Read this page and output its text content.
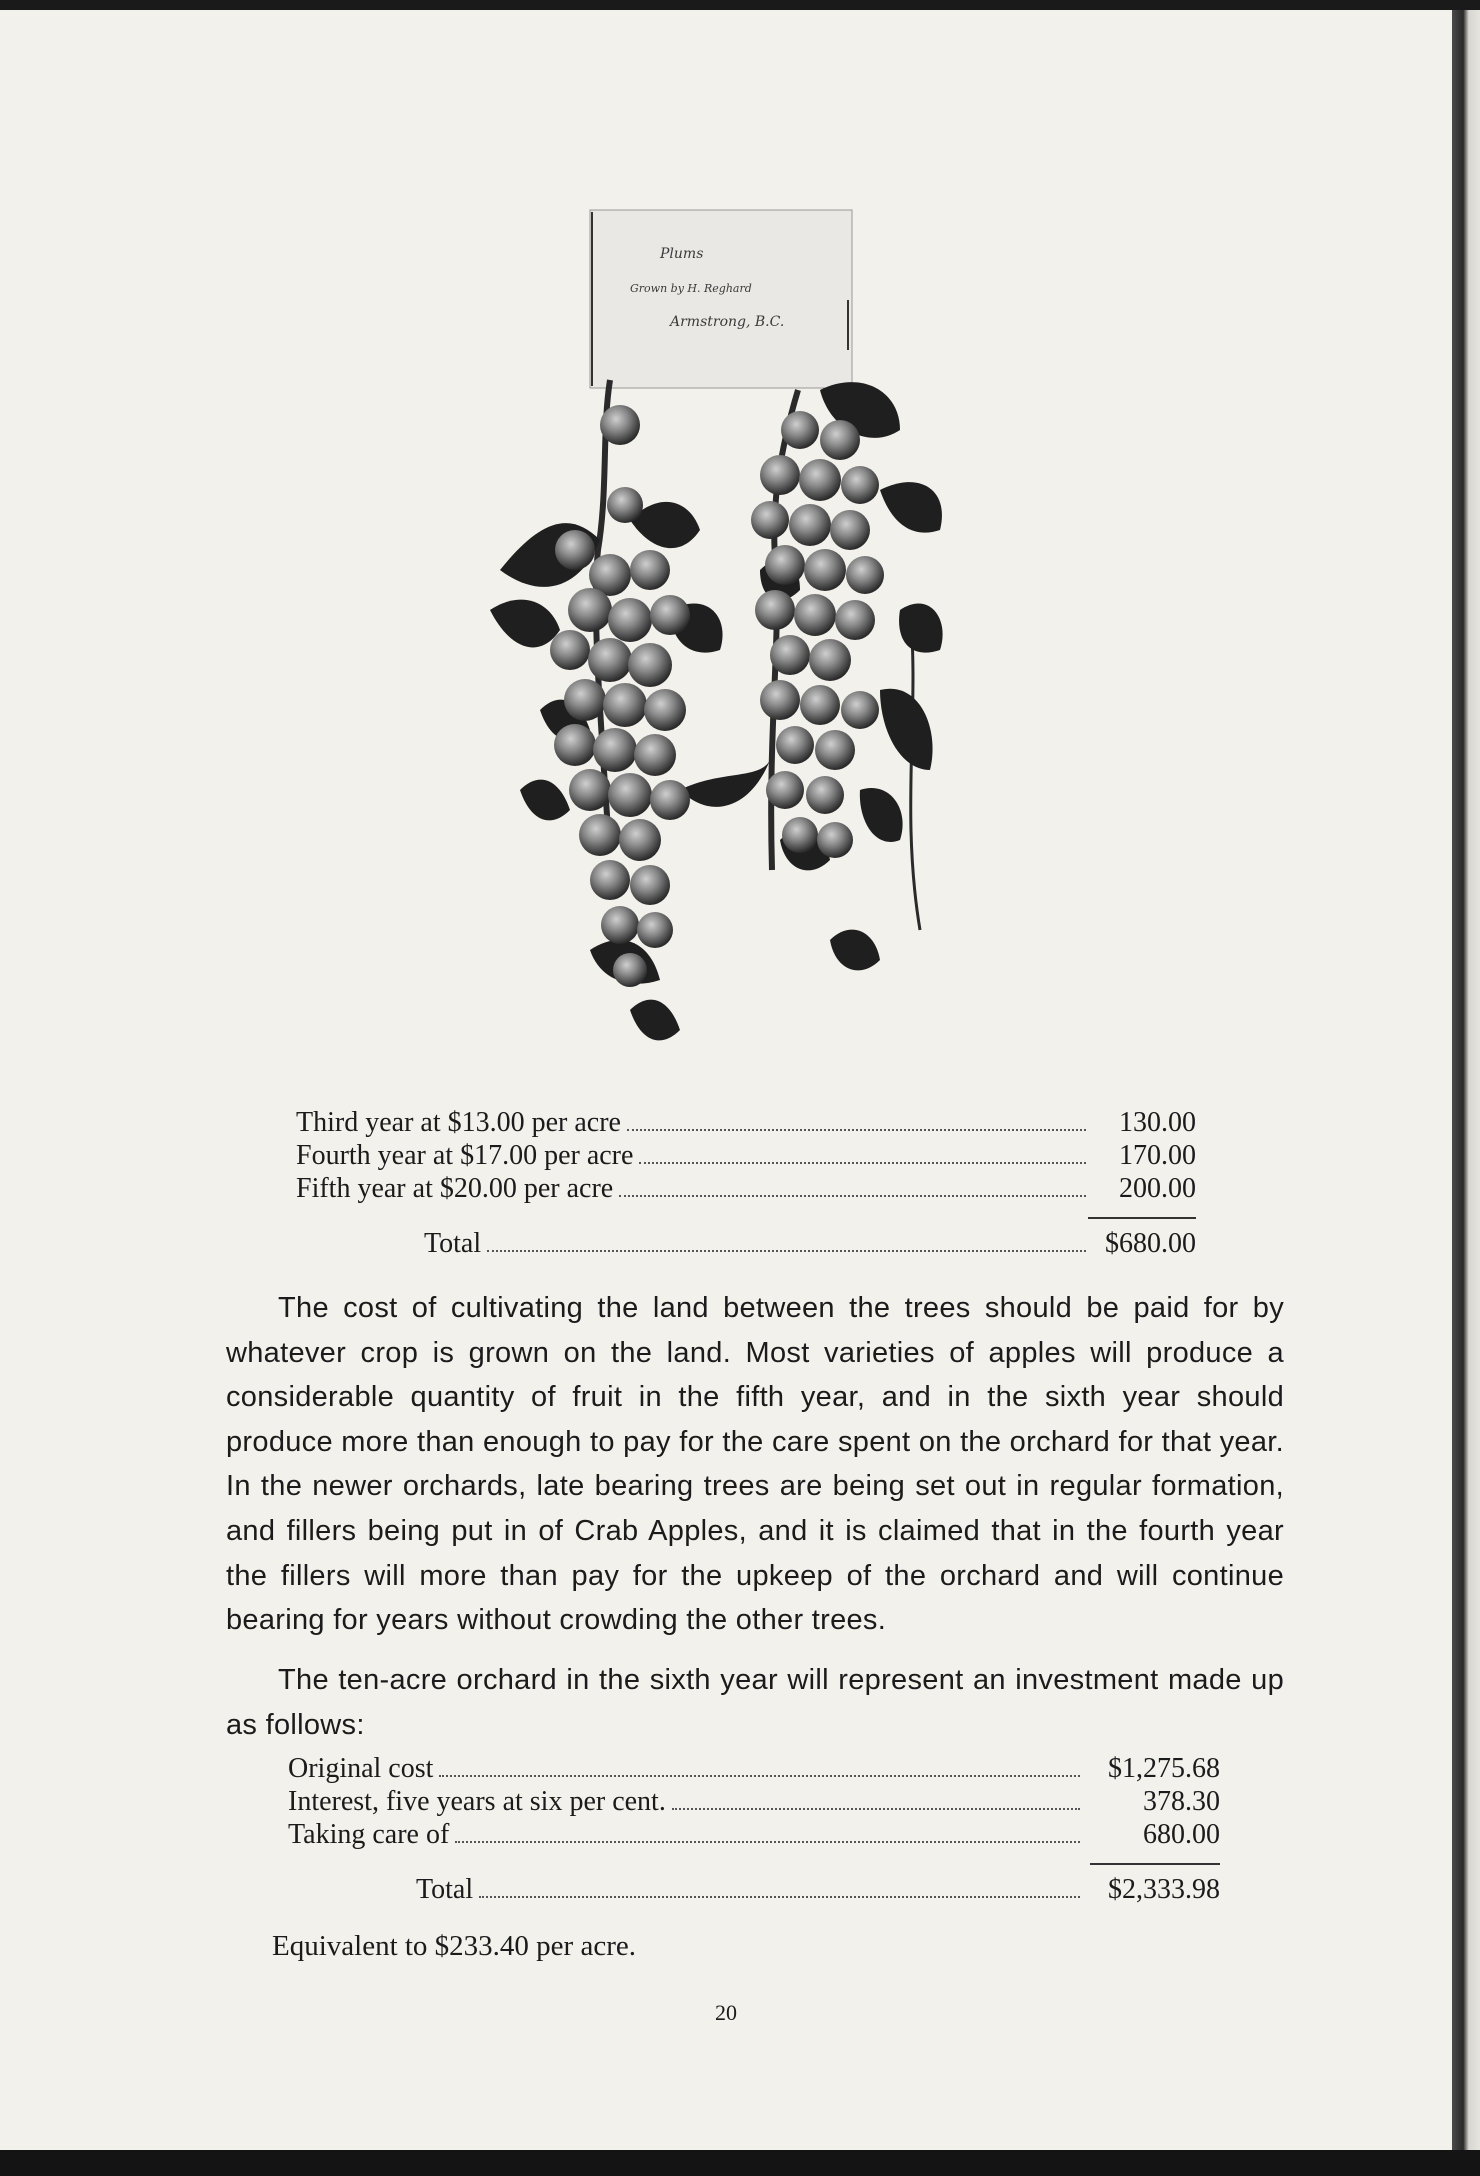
Plums
Grown by H. Reghard
Armstrong, B.C.
Third year at $13.00 per acre	130.00
Fourth year at $17.00 per acre	170.00
Fifth year at $20.00 per acre	200.00
Total	$680.00

The cost of cultivating the land between the trees should be paid for by whatever crop is grown on the land. Most varieties of apples will produce a considerable quantity of fruit in the fifth year, and in the sixth year should produce more than enough to pay for the care spent on the orchard for that year. In the newer orchards, late bearing trees are being set out in regular formation, and fillers being put in of Crab Apples, and it is claimed that in the fourth year the fillers will more than pay for the upkeep of the orchard and will continue bearing for years without crowding the other trees.

The ten-acre orchard in the sixth year will represent an investment made up as follows:

Original cost	$1,275.68
Interest, five years at six per cent.	378.30
Taking care of	680.00
Total	$2,333.98
Equivalent to $233.40 per acre.
20
